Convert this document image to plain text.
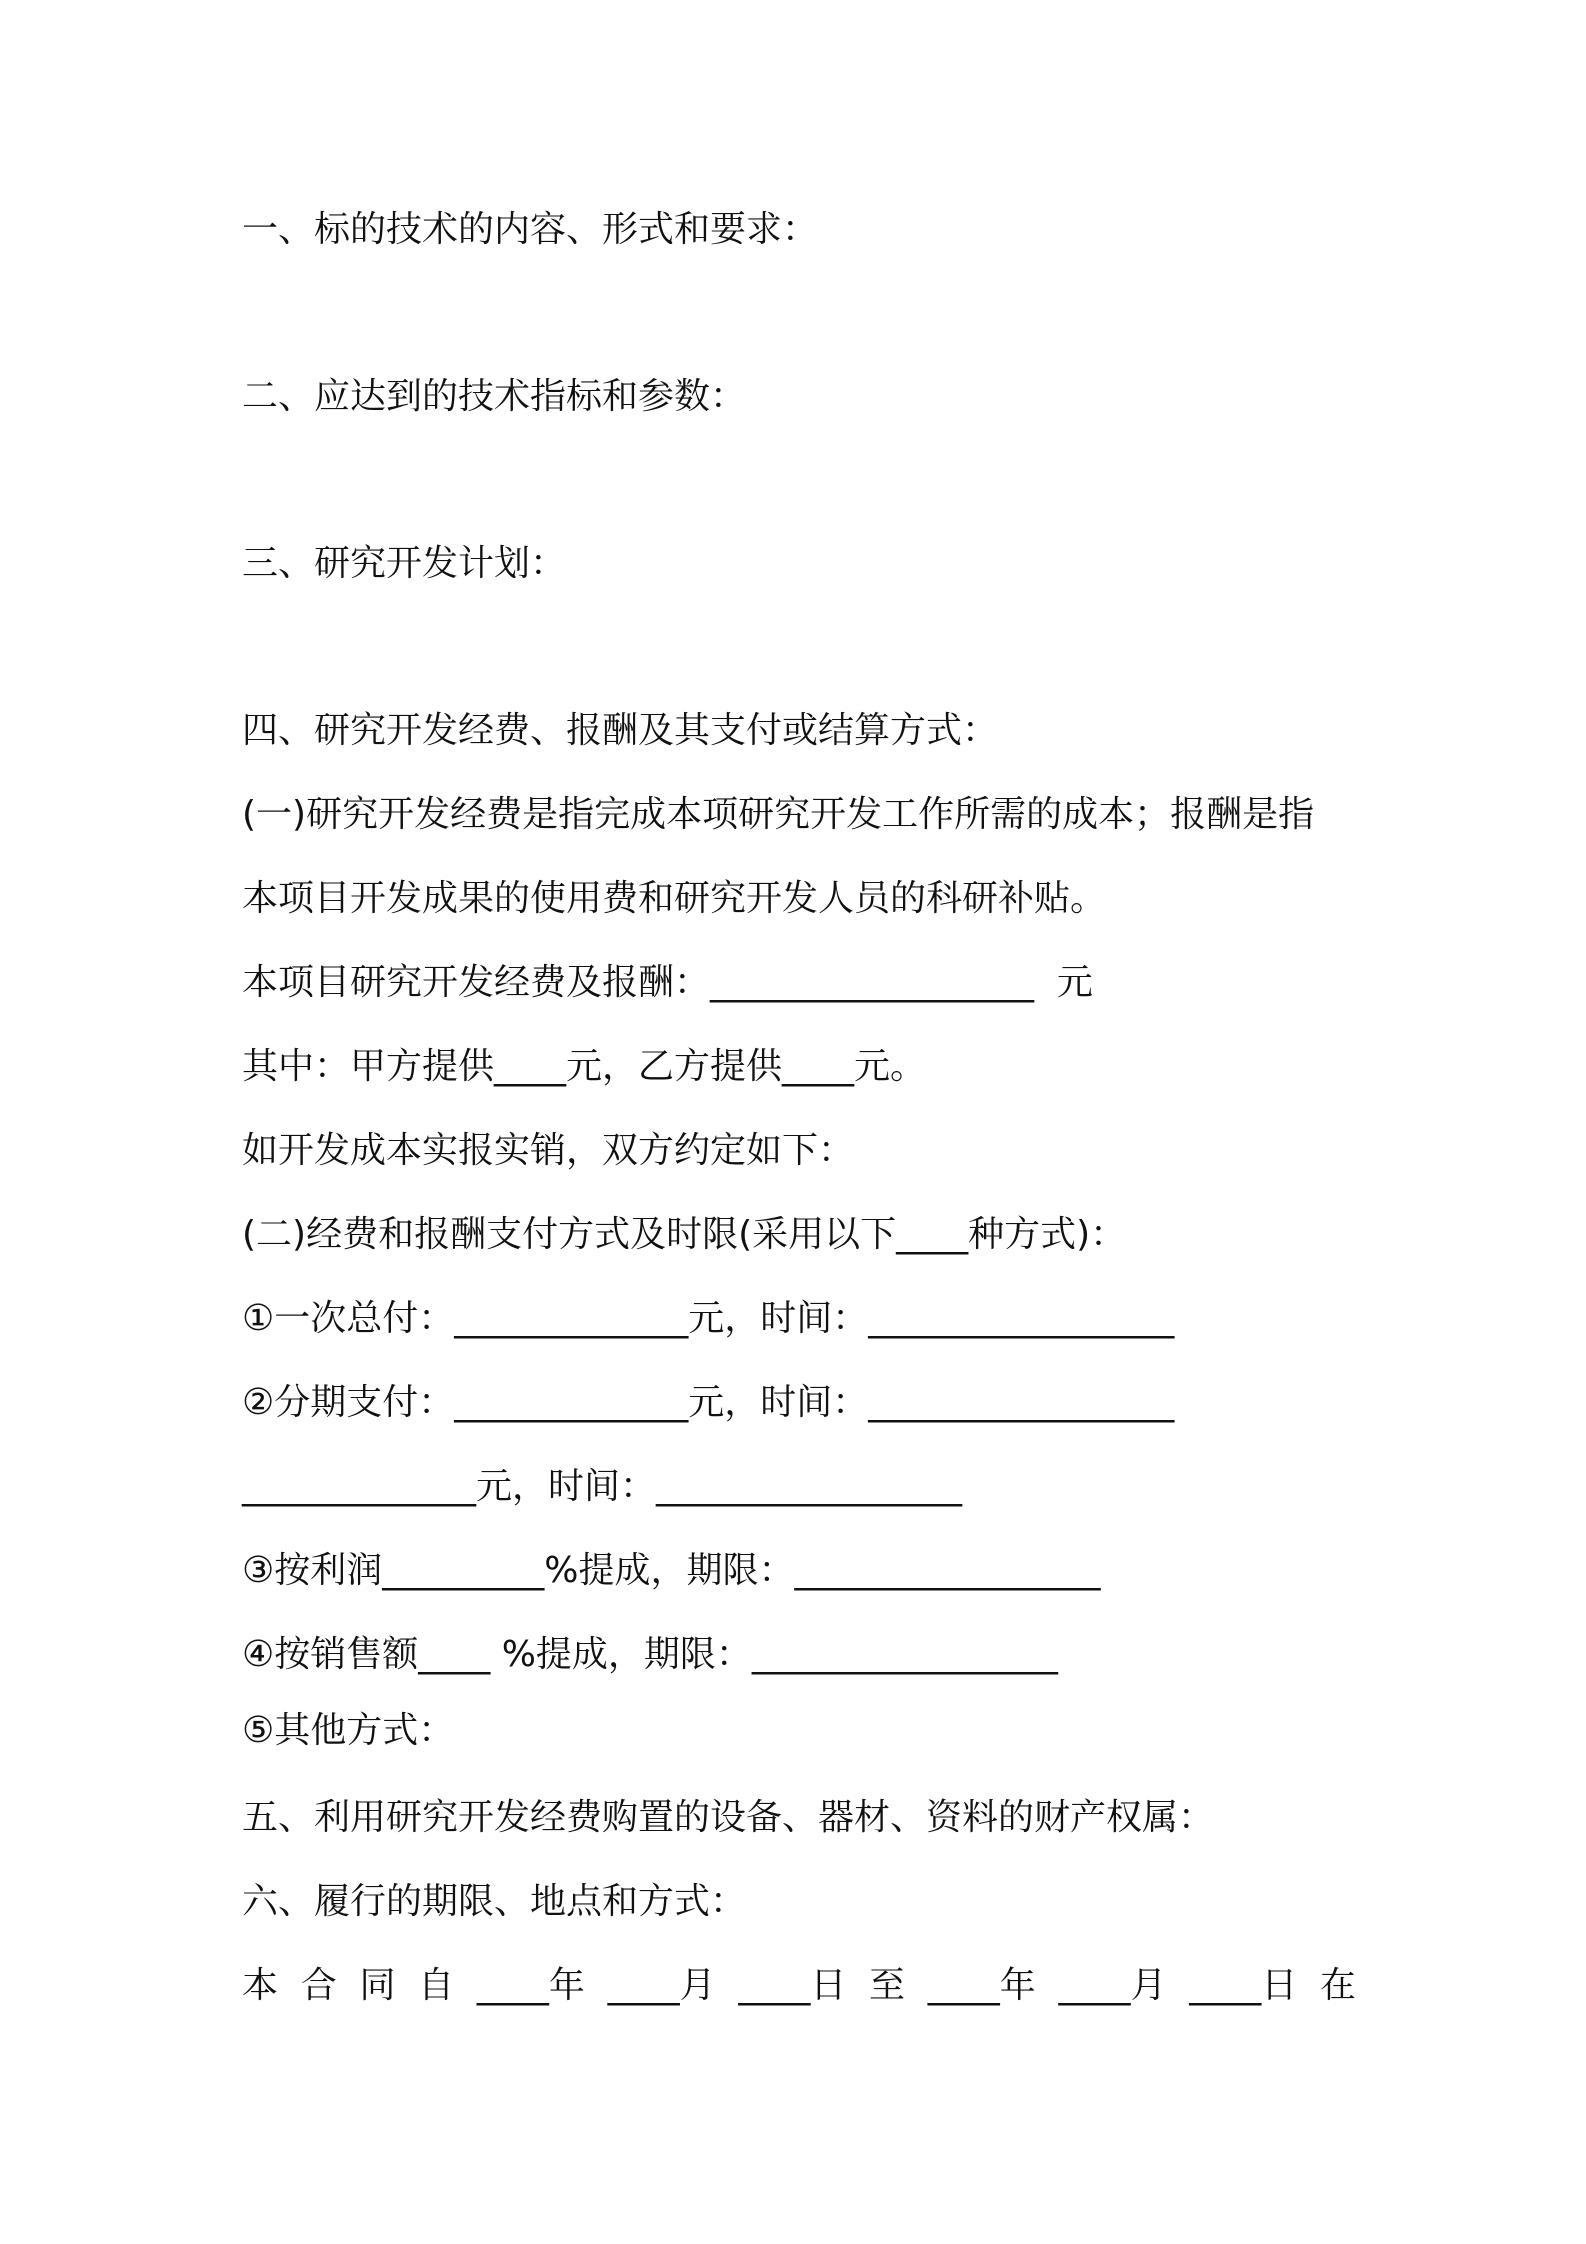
一、标的技术的内容、形式和要求：

二、应达到的技术指标和参数：

三、研究开发计划：

四、研究开发经费、报酬及其支付或结算方式：

(一)研究开发经费是指完成本项研究开发工作所需的成本；报酬是指

本项目开发成果的使用费和研究开发人员的科研补贴。

本项目研究开发经费及报酬：__________________  元

其中：甲方提供____元，乙方提供____元。

如开发成本实报实销，双方约定如下：

(二)经费和报酬支付方式及时限(采用以下____种方式)：

①一次总付：_____________元，时间：_________________

②分期支付：_____________元，时间：_________________

_____________元，时间：_________________

③按利润_________%提成，期限：_________________

④按销售额____ %提成，期限：_________________

⑤其他方式：

五、利用研究开发经费购置的设备、器材、资料的财产权属：

六、履行的期限、地点和方式：

本 合 同 自 ____年 ____月 ____日 至 ____年 ____月 ____日 在
